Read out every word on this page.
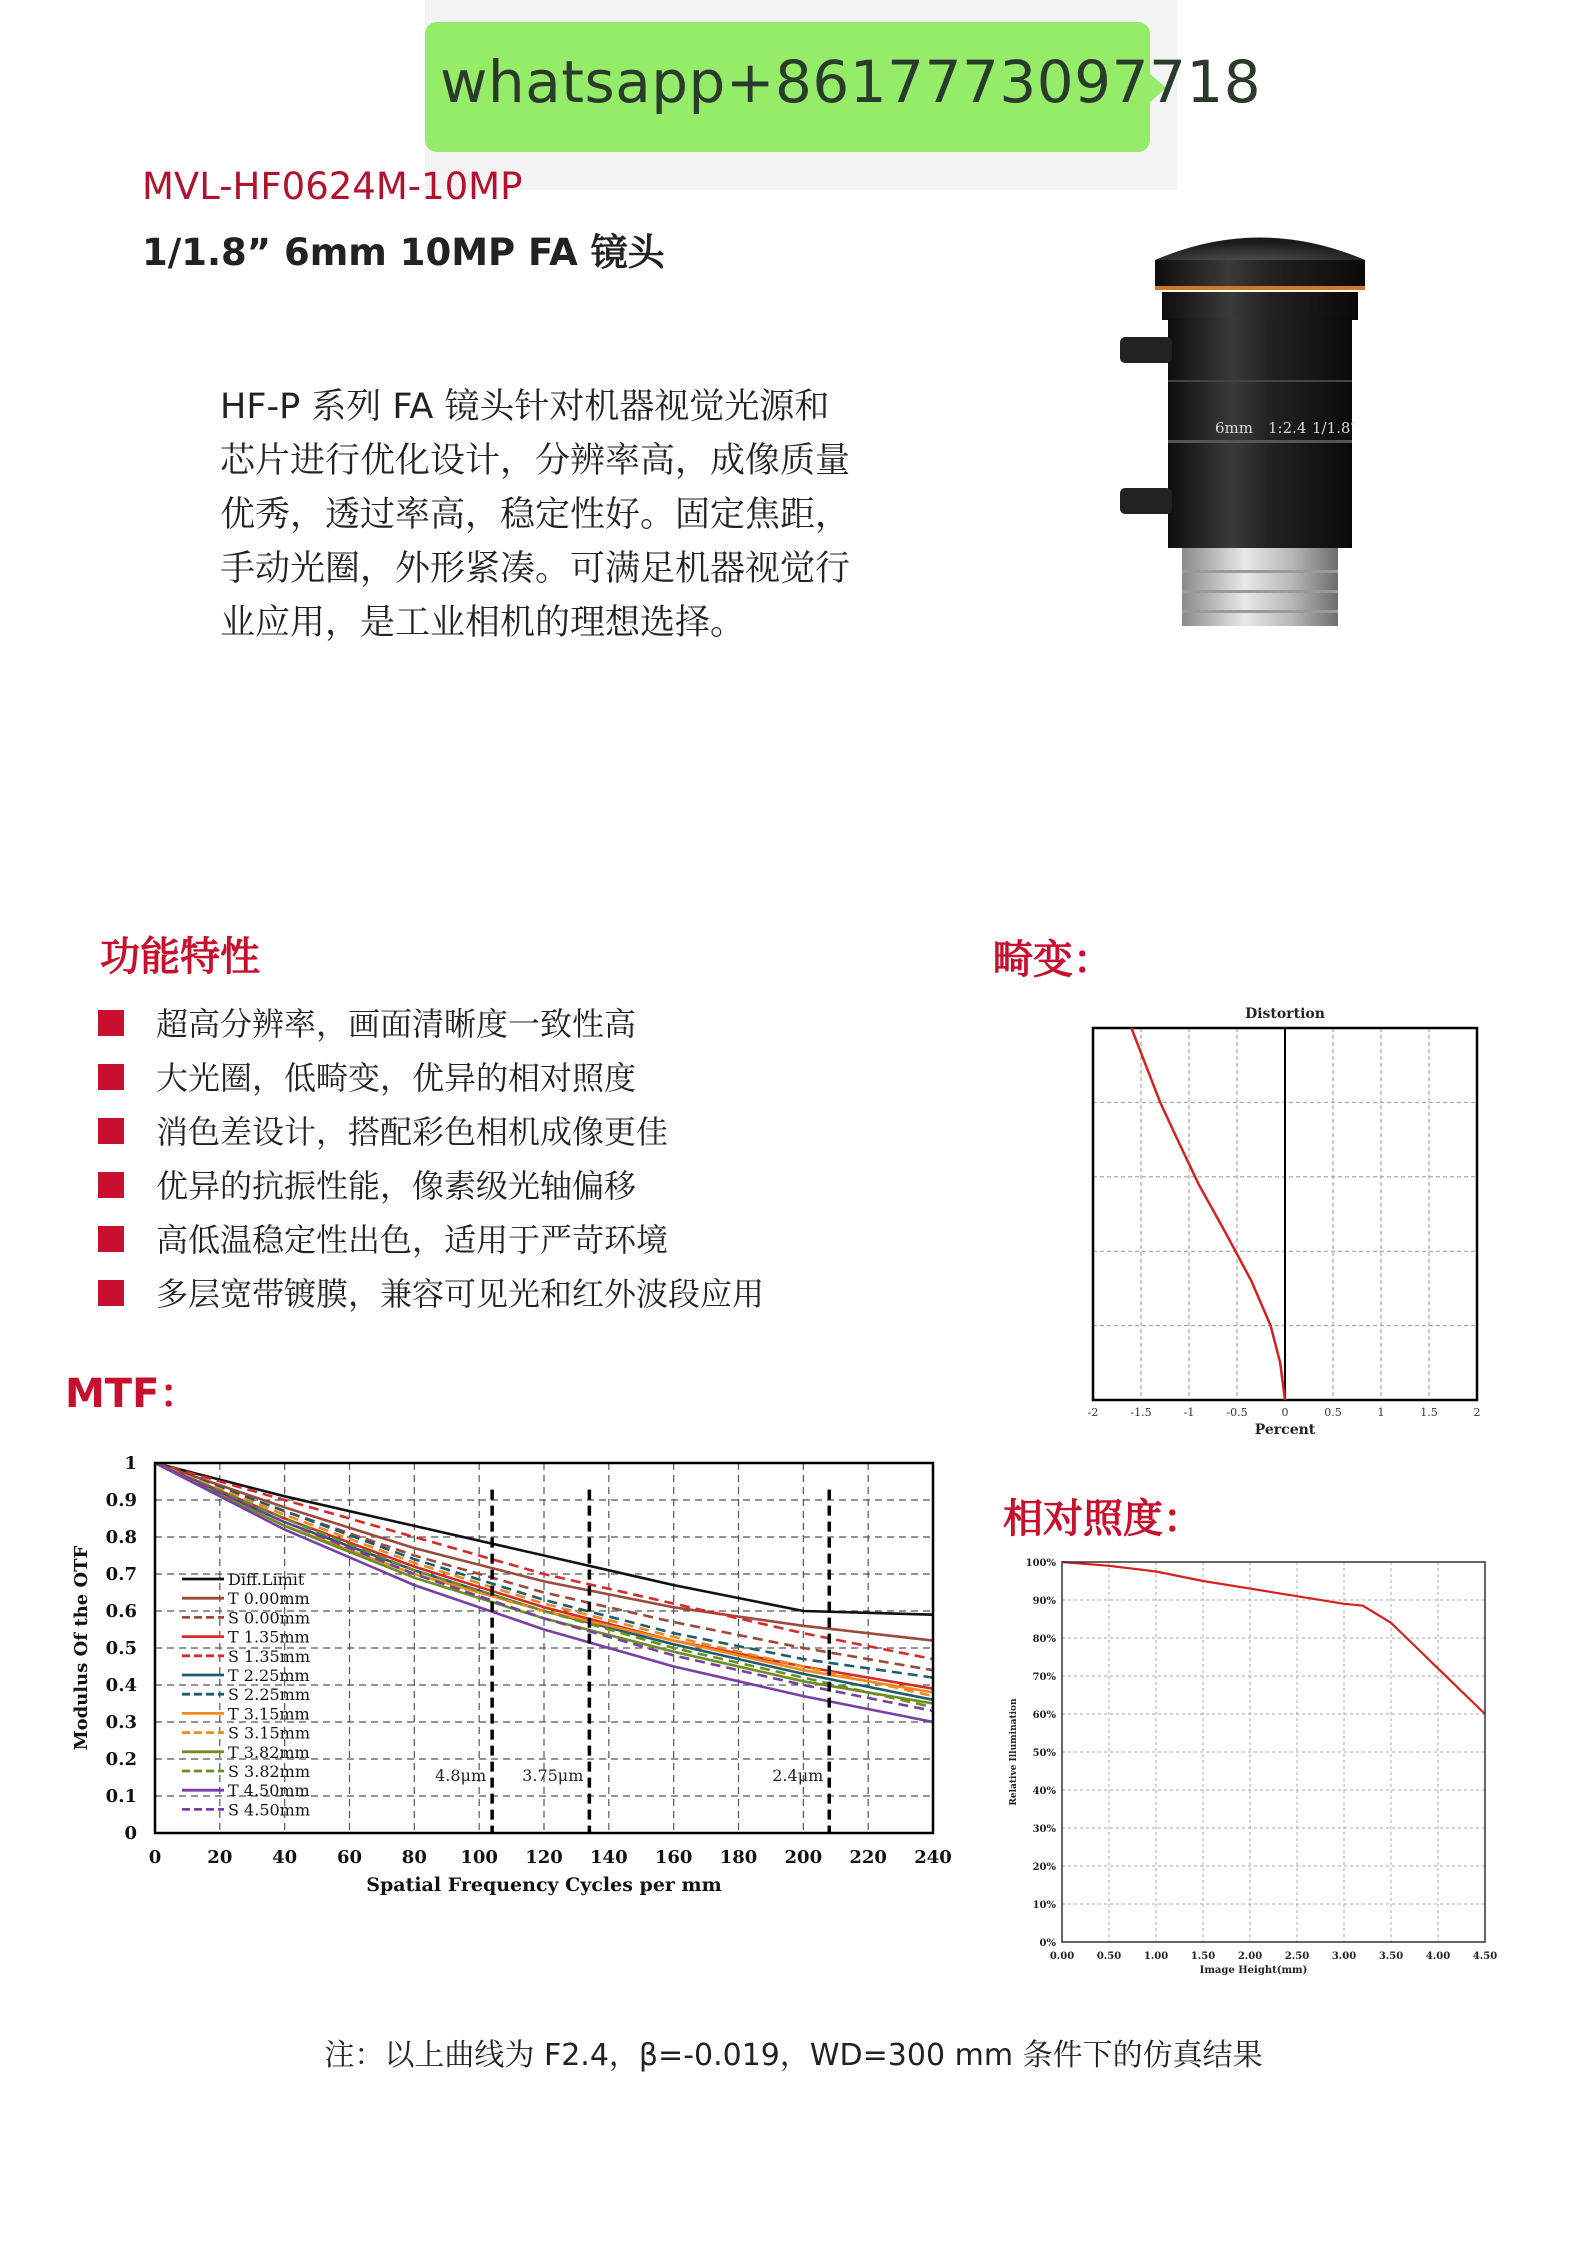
whatsapp+8617773097718
MVL-HF0624M-10MP
1/1.8” 6mm 10MP FA 镜头
HF-P 系列 FA 镜头针对机器视觉光源和芯片进行优化设计，分辨率高，成像质量优秀，透过率高，稳定性好。固定焦距，手动光圈，外形紧凑。可满足机器视觉行业应用，是工业相机的理想选择。
6mm 1:2.4 1/1.8″
功能特性	畸变：
MTF：
相对照度：
超高分辨率，画面清晰度一致性高
大光圈，低畸变，优异的相对照度
消色差设计，搭配彩色相机成像更佳
优异的抗振性能，像素级光轴偏移
高低温稳定性出色，适用于严苛环境
多层宽带镀膜，兼容可见光和红外波段应用
Distortion
-2	-1.5	-1	-0.5	0	0.5	1	1.5	2
Percent
0
0.1
0.2
0.3
0.4
0.5
0.6
0.7
0.8
0.9
1
0	20 40 60 80 100 120 140 160 180 200 220 240
Spatial Frequency Cycles per mm
Modulus Of the OTF
4.8μm 3.75μm	2.4μm
Diff.Limit
T 0.00mm
S 0.00mm
T 1.35mm
S 1.35mm
T 2.25mm
S 2.25mm
T 3.15mm
S 3.15mm
T 3.82mm
S 3.82mm
T 4.50mm
S 4.50mm
0%
10%
20%
30%
40%
50%
60%
70%
80%
90%
100%
0.00 0.50 1.00 1.50 2.00 2.50 3.00 3.50 4.00 4.50
Image Height(mm)
Relative Illumination
注：以上曲线为 F2.4，β=-0.019，WD=300 mm 条件下的仿真结果
